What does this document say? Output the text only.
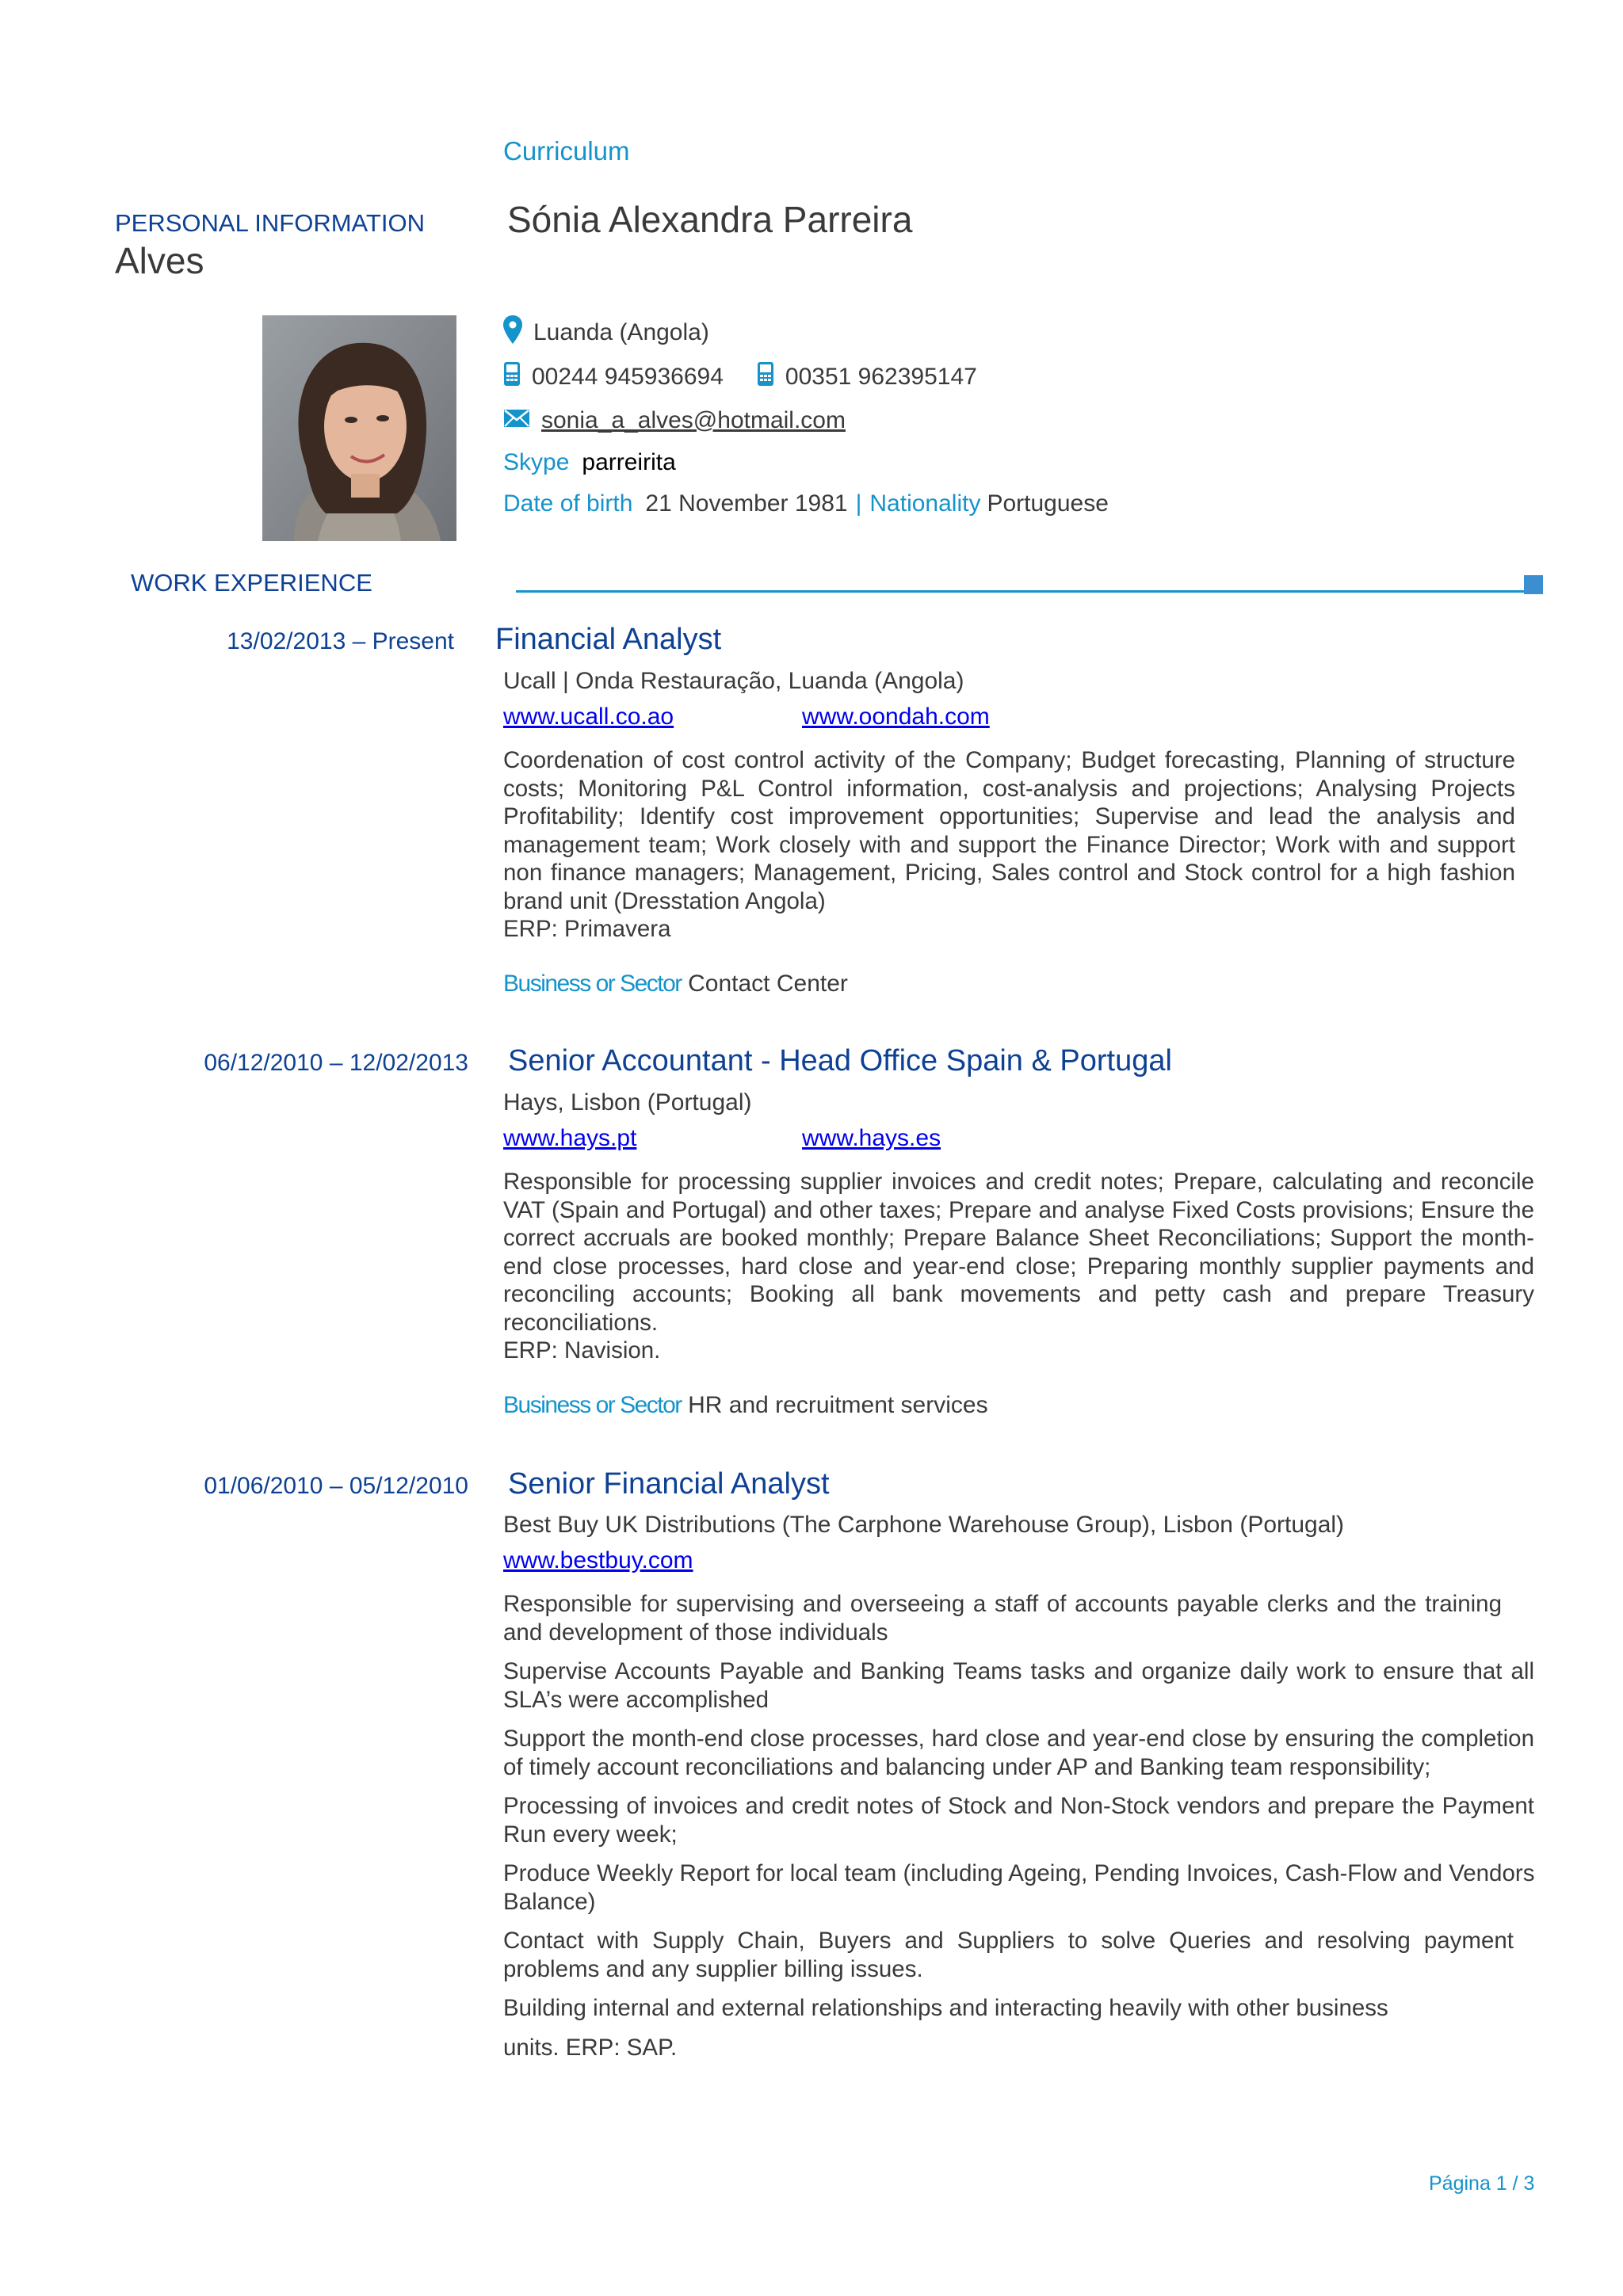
Curriculum
PERSONAL INFORMATION Sónia Alexandra Parreira
Alves
Luanda (Angola)
00244 945936694	00351 962395147
sonia_a_alves@hotmail.com
Skype parreirita
Date of birth 21 November 1981 | Nationality Portuguese
WORK EXPERIENCE
13/02/2013 – Present Financial Analyst
Ucall | Onda Restauração, Luanda (Angola)
www.ucall.co.ao	www.oondah.com
Coordenation of cost control activity of the Company; Budget forecasting, Planning of structure costs; Monitoring P&L Control information, cost-analysis and projections; Analysing Projects Profitability; Identify cost improvement opportunities; Supervise and lead the analysis and management team; Work closely with and support the Finance Director; Work with and support non finance managers; Management, Pricing, Sales control and Stock control for a high fashion brand unit (Dresstation Angola)
ERP: Primavera
Business or Sector Contact Center
06/12/2010 – 12/02/2013 Senior Accountant - Head Office Spain & Portugal
Hays, Lisbon (Portugal)
www.hays.pt	www.hays.es
Responsible for processing supplier invoices and credit notes; Prepare, calculating and reconcile VAT (Spain and Portugal) and other taxes; Prepare and analyse Fixed Costs provisions; Ensure the correct accruals are booked monthly; Prepare Balance Sheet Reconciliations; Support the month-end close processes, hard close and year-end close; Preparing monthly supplier payments and reconciling accounts; Booking all bank movements and petty cash and prepare Treasury reconciliations.
ERP: Navision.
Business or Sector HR and recruitment services
01/06/2010 – 05/12/2010 Senior Financial Analyst
Best Buy UK Distributions (The Carphone Warehouse Group), Lisbon (Portugal)
www.bestbuy.com
Responsible for supervising and overseeing a staff of accounts payable clerks and the training and development of those individuals
Supervise Accounts Payable and Banking Teams tasks and organize daily work to ensure that all SLA’s were accomplished
Support the month-end close processes, hard close and year-end close by ensuring the completion of timely account reconciliations and balancing under AP and Banking team responsibility;
Processing of invoices and credit notes of Stock and Non-Stock vendors and prepare the Payment Run every week;
Produce Weekly Report for local team (including Ageing, Pending Invoices, Cash-Flow and Vendors
Balance)
Contact with Supply Chain, Buyers and Suppliers to solve Queries and resolving payment problems and any supplier billing issues.
Building internal and external relationships and interacting heavily with other business
units. ERP: SAP.
Página 1 / 3
